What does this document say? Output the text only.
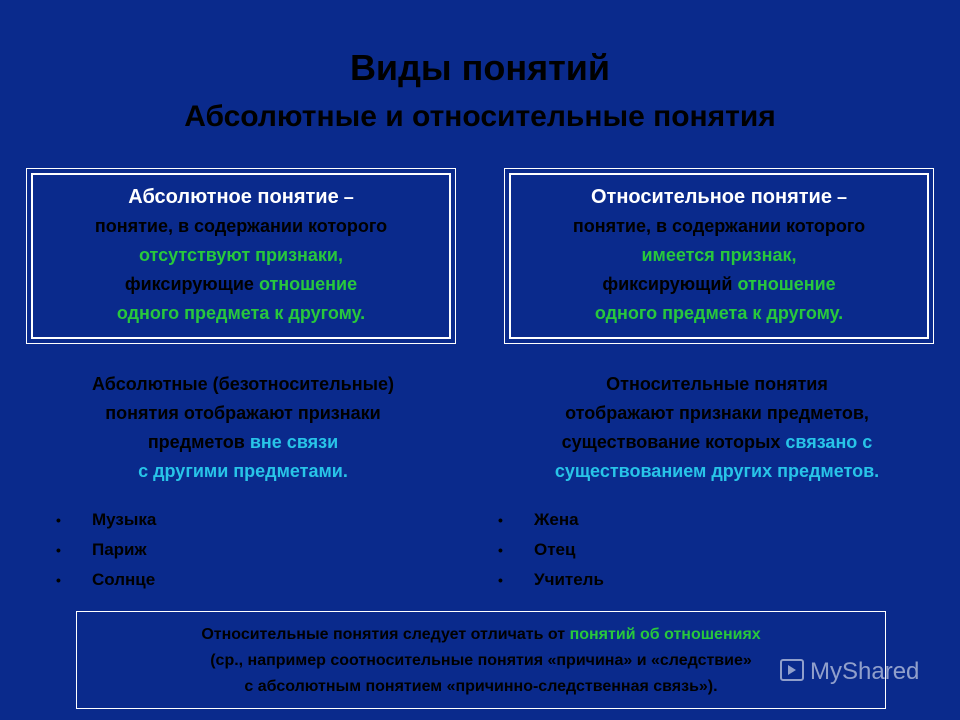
Виды понятий
Абсолютные и относительные понятия
Абсолютное понятие –
понятие, в содержании которого
отсутствуют признаки,
фиксирующие отношение
одного предмета к другому.
Относительное понятие –
понятие, в содержании которого
имеется признак,
фиксирующий отношение
одного предмета к другому.
Абсолютные (безотносительные)
понятия отображают признаки
предметов вне связи
с другими предметами.
Относительные понятия
отображают признаки предметов,
существование которых связано с
существованием других предметов.
• Музыка
• Париж
• Солнце
• Жена
• Отец
• Учитель
Относительные понятия следует отличать от понятий об отношениях
(ср., например соотносительные понятия «причина» и «следствие»
с абсолютным понятием «причинно-следственная связь»).
MyShared
